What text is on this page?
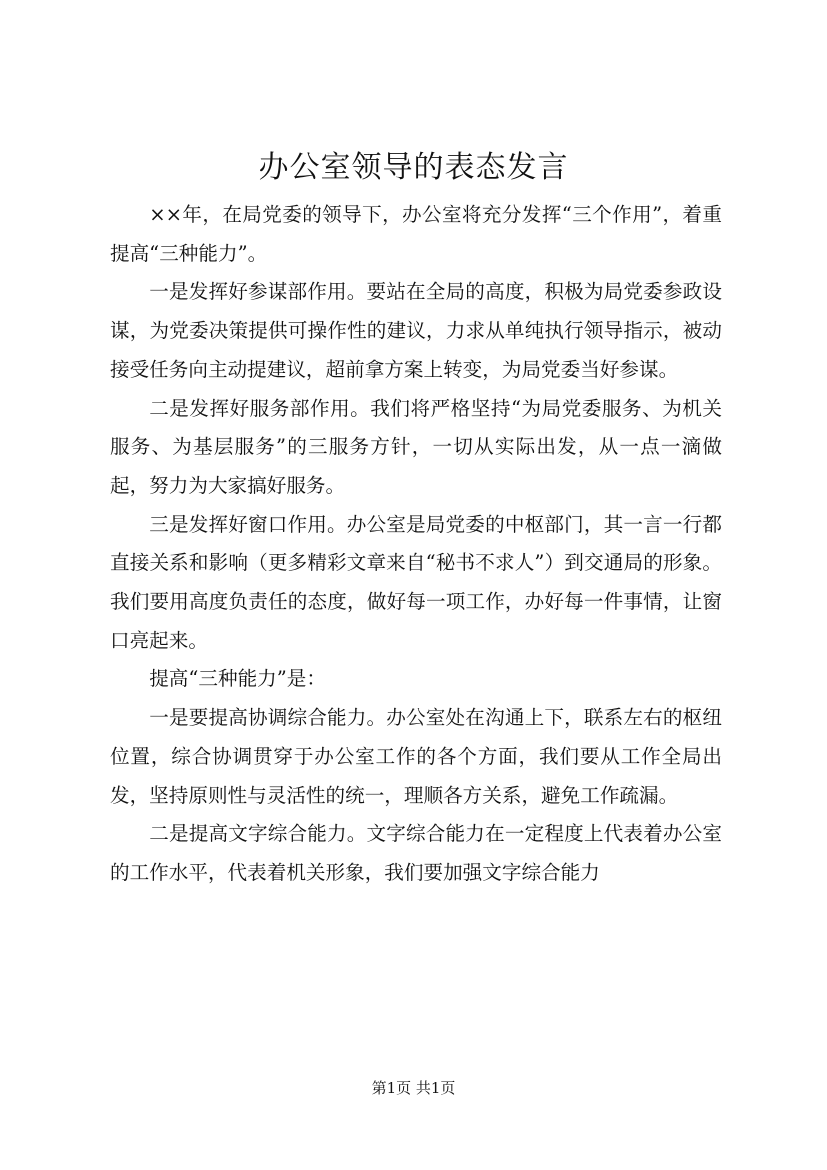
办公室领导的表态发言

××年，在局党委的领导下，办公室将充分发挥“三个作用”，着重提高“三种能力”。

一是发挥好参谋部作用。要站在全局的高度，积极为局党委参政设谋，为党委决策提供可操作性的建议，力求从单纯执行领导指示，被动接受任务向主动提建议，超前拿方案上转变，为局党委当好参谋。

二是发挥好服务部作用。我们将严格坚持“为局党委服务、为机关服务、为基层服务”的三服务方针，一切从实际出发，从一点一滴做起，努力为大家搞好服务。

三是发挥好窗口作用。办公室是局党委的中枢部门，其一言一行都直接关系和影响（更多精彩文章来自“秘书不求人”）到交通局的形象。我们要用高度负责任的态度，做好每一项工作，办好每一件事情，让窗口亮起来。

提高“三种能力”是：

一是要提高协调综合能力。办公室处在沟通上下，联系左右的枢纽位置，综合协调贯穿于办公室工作的各个方面，我们要从工作全局出发，坚持原则性与灵活性的统一，理顺各方关系，避免工作疏漏。

二是提高文字综合能力。文字综合能力在一定程度上代表着办公室的工作水平，代表着机关形象，我们要加强文字综合能力

第1页 共1页
